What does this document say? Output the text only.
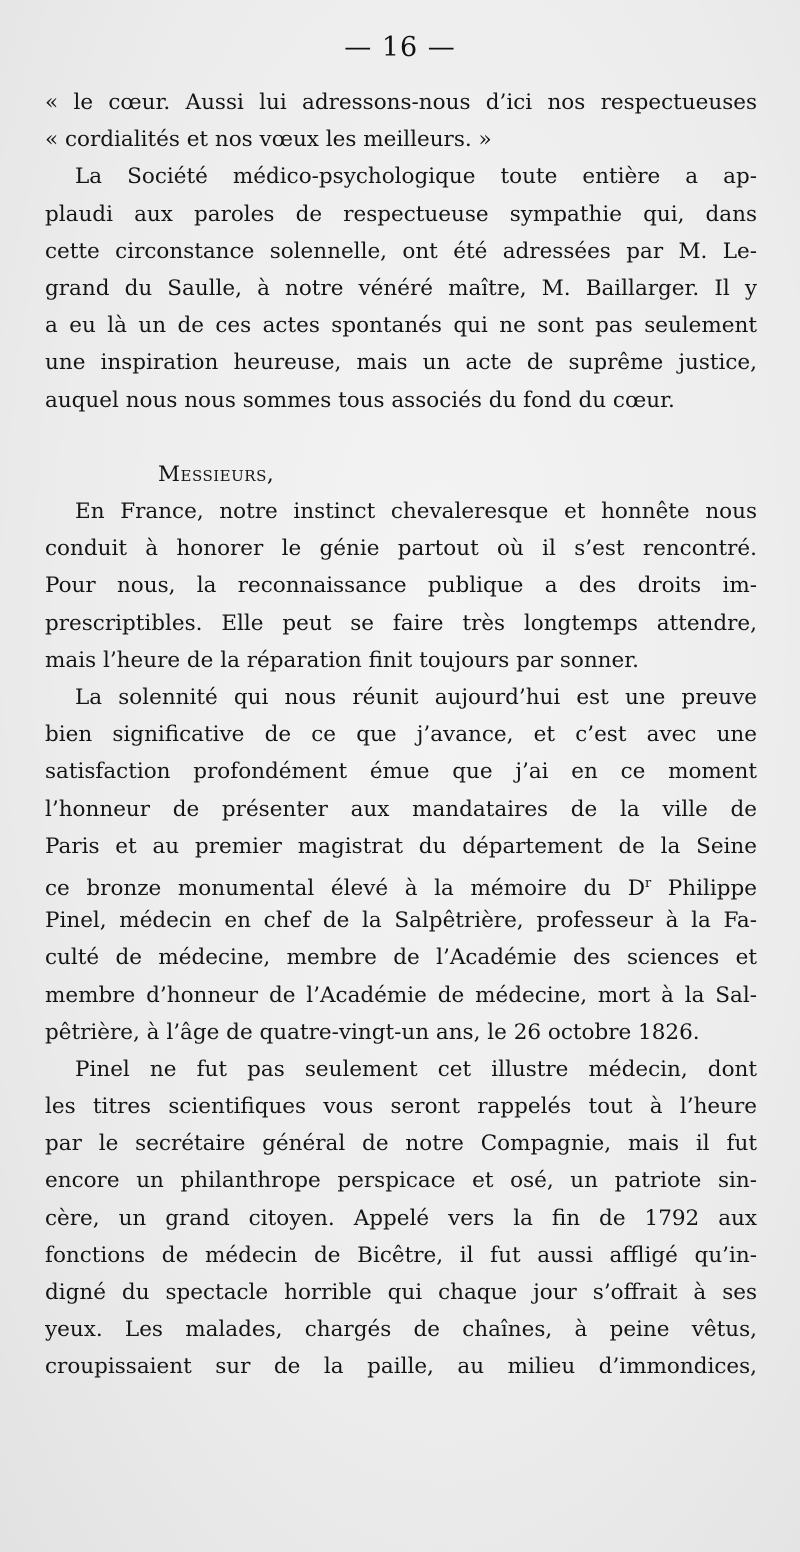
— 16 —
« le cœur. Aussi lui adressons-nous d’ici nos respectueuses
« cordialités et nos vœux les meilleurs. »
La Société médico-psychologique toute entière a ap-
plaudi aux paroles de respectueuse sympathie qui, dans
cette circonstance solennelle, ont été adressées par M. Le-
grand du Saulle, à notre vénéré maître, M. Baillarger. Il y
a eu là un de ces actes spontanés qui ne sont pas seulement
une inspiration heureuse, mais un acte de suprême justice,
auquel nous nous sommes tous associés du fond du cœur.
Messieurs,
En France, notre instinct chevaleresque et honnête nous
conduit à honorer le génie partout où il s’est rencontré.
Pour nous, la reconnaissance publique a des droits im-
prescriptibles. Elle peut se faire très longtemps attendre,
mais l’heure de la réparation finit toujours par sonner.
La solennité qui nous réunit aujourd’hui est une preuve
bien significative de ce que j’avance, et c’est avec une
satisfaction profondément émue que j’ai en ce moment
l’honneur de présenter aux mandataires de la ville de
Paris et au premier magistrat du département de la Seine
ce bronze monumental élevé à la mémoire du $D^r$ Philippe
Pinel, médecin en chef de la Salpêtrière, professeur à la Fa-
culté de médecine, membre de l’Académie des sciences et
membre d’honneur de l’Académie de médecine, mort à la Sal-
pêtrière, à l’âge de quatre-vingt-un ans, le 26 octobre 1826.
Pinel ne fut pas seulement cet illustre médecin, dont
les titres scientifiques vous seront rappelés tout à l’heure
par le secrétaire général de notre Compagnie, mais il fut
encore un philanthrope perspicace et osé, un patriote sin-
cère, un grand citoyen. Appelé vers la fin de 1792 aux
fonctions de médecin de Bicêtre, il fut aussi affligé qu’in-
digné du spectacle horrible qui chaque jour s’offrait à ses
yeux. Les malades, chargés de chaînes, à peine vêtus,
croupissaient sur de la paille, au milieu d’immondices,
